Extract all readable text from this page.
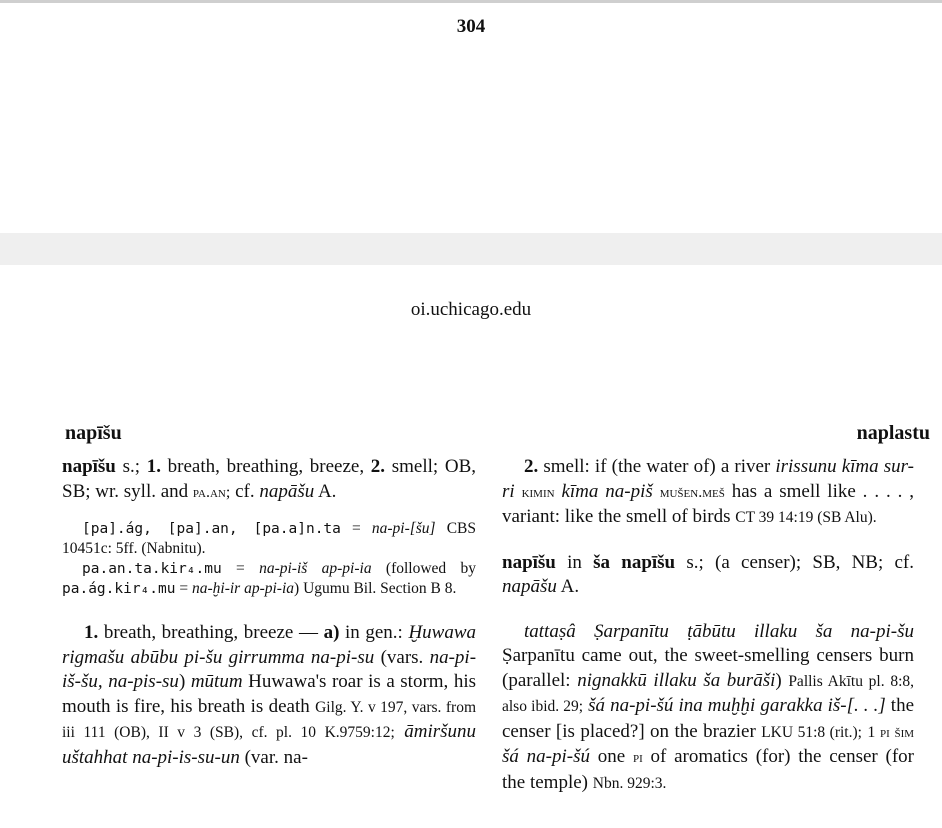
304
oi.uchicago.edu
napīšu	naplastu

napīšu s.; 1. breath, breathing, breeze, 2. smell; OB, SB; wr. syll. and pa.an; cf. napāšu A.

[pa].ág, [pa].an, [pa.a]n.ta = na-pi-[šu] CBS 10451c: 5ff. (Nabnitu).

pa.an.ta.kir₄.mu = na-pi-iš ap-pi-ia (followed by pa.ág.kir₄.mu = na-ḫi-ir ap-pi-ia) Ugumu Bil. Section B 8.

1. breath, breathing, breeze — a) in gen.: Ḫuwawa rigmašu abūbu pi-šu girrumma na-pi-su (vars. na-pi-iš-šu, na-pis-su) mūtum Huwawa's roar is a storm, his mouth is fire, his breath is death Gilg. Y. v 197, vars. from iii 111 (OB), II v 3 (SB), cf. pl. 10 K.9759:12; āmiršunu uštahhat na-pi-is-su-un (var. na-

2. smell: if (the water of) a river irissunu kīma sur-ri kimin kīma na-piš mušen.meš has a smell like . . . . , variant: like the smell of birds CT 39 14:19 (SB Alu).

napīšu in ša napīšu s.; (a censer); SB, NB; cf. napāšu A.

tattaṣâ Ṣarpanītu ṭābūtu illaku ša na-pi-šu Ṣarpanītu came out, the sweet-smelling censers burn (parallel: nignakkū illaku ša burāši) Pallis Akītu pl. 8:8, also ibid. 29; šá na-pi-šú ina muḫḫi garakka iš-[. . .] the censer [is placed?] on the brazier LKU 51:8 (rit.); 1 pi šim šá na-pi-šú one pi of aromatics (for) the censer (for the temple) Nbn. 929:3.
